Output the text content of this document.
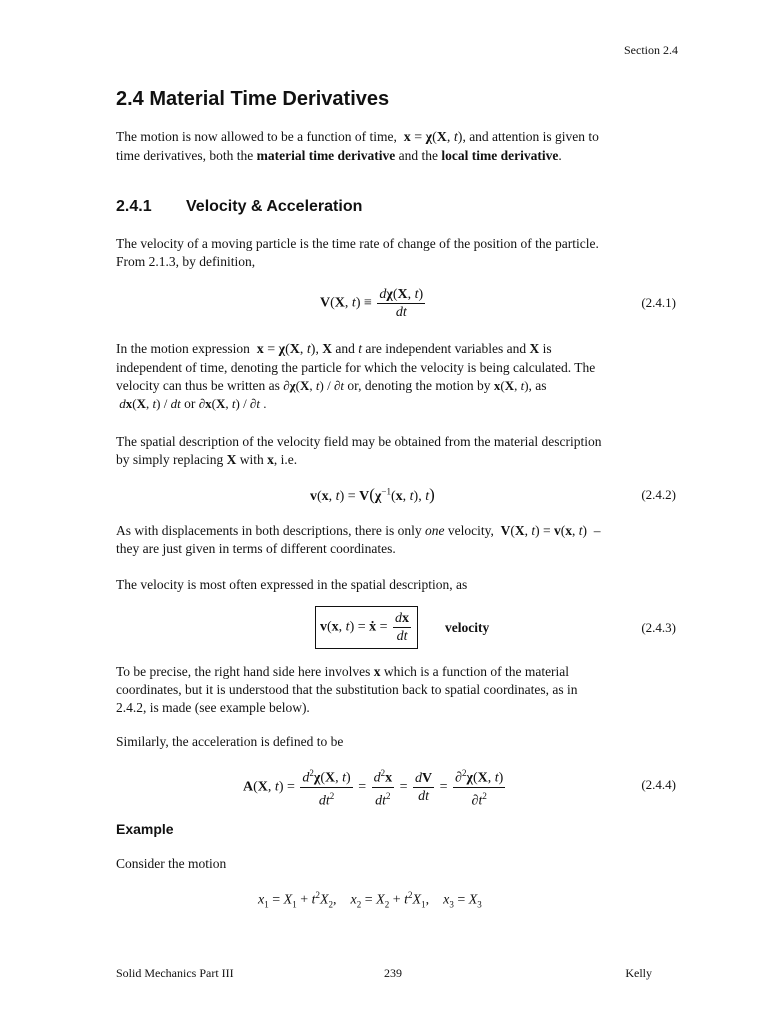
Section 2.4
2.4 Material Time Derivatives
The motion is now allowed to be a function of time, x = χ(X, t), and attention is given to
time derivatives, both the material time derivative and the local time derivative.
2.4.1 Velocity & Acceleration
The velocity of a moving particle is the time rate of change of the position of the particle.
From 2.1.3, by definition,
V(X, $t) \equiv \frac{d\chi(X, t)}{dt}$	(2.4.1)
In the motion expression x = χ(X, t), X and t are independent variables and X is
independent of time, denoting the particle for which the velocity is being calculated. The
velocity can thus be written as ∂χ(X, t) / ∂t or, denoting the motion by x(X, t), as
dx(X, t) / dt or ∂x(X, t) / ∂t .
The spatial description of the velocity field may be obtained from the material description
by simply replacing X with x, i.e.
v(x, $t) = V(\chi^{-1}(x$, t), t)	(2.4.2)
As with displacements in both descriptions, there is only one velocity, V(X, t) = v(x, t)  –
they are just given in terms of different coordinates.
The velocity is most often expressed in the spatial description, as
v(x, t) = ẋ = $\frac{dx}{dt}$	velocity	(2.4.3)
To be precise, the right hand side here involves x which is a function of the material
coordinates, but it is understood that the substitution back to spatial coordinates, as in
2.4.2, is made (see example below).
Similarly, the acceleration is defined to be
A(X, $t) = \frac{d^2\chi(X, t)}{dt^2} = \frac{d^2x}{dt^2} = \frac{dV}{dt} = \frac{\partial^2\chi(X, t)}{\partial t^2}$	(2.4.4)
Example
Consider the motion
$x_1 = X_1 + t^2X_2$,    $x_2 = X_2 + t^2X_1$,    $x_3 = X_3$
Solid Mechanics Part III	239	Kelly
